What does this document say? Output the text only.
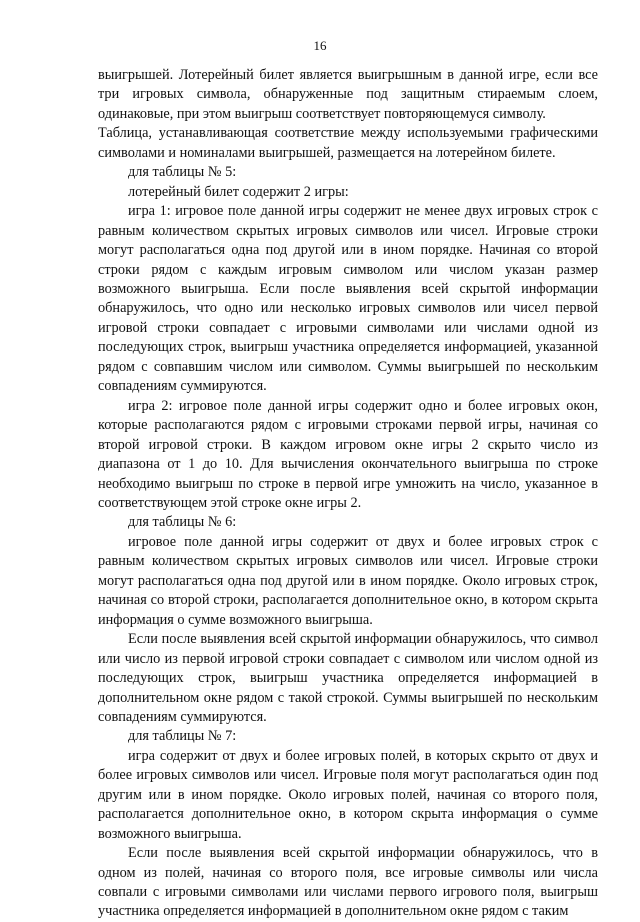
16

выигрышей. Лотерейный билет является выигрышным в данной игре, если все три игровых символа, обнаруженные под защитным стираемым слоем, одинаковые, при этом выигрыш соответствует повторяющемуся символу.

Таблица, устанавливающая соответствие между используемыми графическими символами и номиналами выигрышей, размещается на лотерейном билете.

для таблицы № 5:

лотерейный билет содержит 2 игры:

игра 1: игровое поле данной игры содержит не менее двух игровых строк с равным количеством скрытых игровых символов или чисел. Игровые строки могут располагаться одна под другой или в ином порядке. Начиная со второй строки рядом с каждым игровым символом или числом указан размер возможного выигрыша. Если после выявления всей скрытой информации обнаружилось, что одно или несколько игровых символов или чисел первой игровой строки совпадает с игровыми символами или числами одной из последующих строк, выигрыш участника определяется информацией, указанной рядом с совпавшим числом или символом. Суммы выигрышей по нескольким совпадениям суммируются.

игра 2: игровое поле данной игры содержит одно и более игровых окон, которые располагаются рядом с игровыми строками первой игры, начиная со второй игровой строки. В каждом игровом окне игры 2 скрыто число из диапазона от 1 до 10. Для вычисления окончательного выигрыша по строке необходимо выигрыш по строке в первой игре умножить на число, указанное в соответствующем этой строке окне игры 2.

для таблицы № 6:

игровое поле данной игры содержит от двух и более игровых строк с равным количеством скрытых игровых символов или чисел. Игровые строки могут располагаться одна под другой или в ином порядке. Около игровых строк, начиная со второй строки, располагается дополнительное окно, в котором скрыта информация о сумме возможного выигрыша.

Если после выявления всей скрытой информации обнаружилось, что символ или число из первой игровой строки совпадает с символом или числом одной из последующих строк, выигрыш участника определяется информацией в дополнительном окне рядом с такой строкой. Суммы выигрышей по нескольким совпадениям суммируются.

для таблицы № 7:

игра содержит от двух и более игровых полей, в которых скрыто от двух и более игровых символов или чисел. Игровые поля могут располагаться один под другим или в ином порядке. Около игровых полей, начиная со второго поля, располагается дополнительное окно, в котором скрыта информация о сумме возможного выигрыша.

Если после выявления всей скрытой информации обнаружилось, что в одном из полей, начиная со второго поля, все игровые символы или числа совпали с игровыми символами или числами первого игрового поля, выигрыш участника определяется информацией в дополнительном окне рядом с таким
